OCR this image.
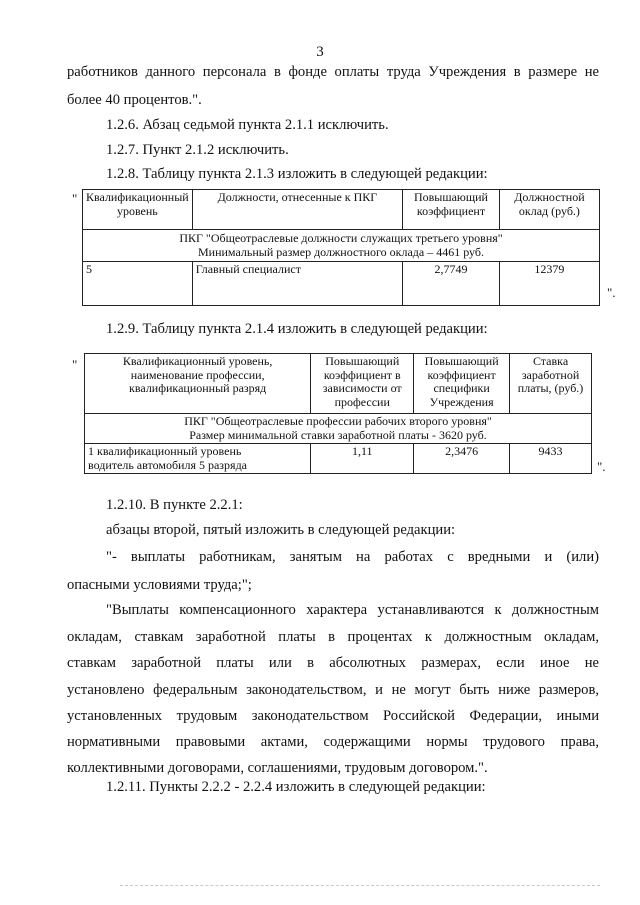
3
работников данного персонала в фонде оплаты труда Учреждения в размере не
более 40 процентов.".
1.2.6. Абзац седьмой пункта 2.1.1 исключить.
1.2.7. Пункт 2.1.2 исключить.
1.2.8. Таблицу пункта 2.1.3 изложить в следующей редакции:
" Квалификационный уровень	Должности, отнесенные к ПКГ	Повышающий коэффициент	Должностной оклад (руб.)

ПКГ "Общеотраслевые должности служащих третьего уровня"
Минимальный размер должностного оклада – 4461 руб.			

5	Главный специалист	2,7749	12379
".
1.2.9. Таблицу пункта 2.1.4 изложить в следующей редакции:
"	Квалификационный уровень, наименование профессии, квалификационный разряд	Повышающий коэффициент в зависимости от профессии	Повышающий коэффициент специфики Учреждения	Ставка заработной платы, (руб.)

ПКГ "Общеотраслевые профессии рабочих второго уровня"
Размер минимальной ставки заработной платы - 3620 руб.			

1 квалификационный уровень
водитель автомобиля 5 разряда	1,11	2,3476	9433
".
1.2.10. В пункте 2.2.1:
абзацы второй, пятый изложить в следующей редакции:
"- выплаты работникам, занятым на работах с вредными и (или)
опасными условиями труда;";
"Выплаты компенсационного характера устанавливаются к должностным
окладам, ставкам заработной платы в процентах к должностным окладам,
ставкам заработной платы или в абсолютных размерах, если иное не
установлено федеральным законодательством, и не могут быть ниже размеров,
установленных трудовым законодательством Российской Федерации, иными
нормативными правовыми актами, содержащими нормы трудового права,
коллективными договорами, соглашениями, трудовым договором.".
1.2.11. Пункты 2.2.2 - 2.2.4 изложить в следующей редакции:
